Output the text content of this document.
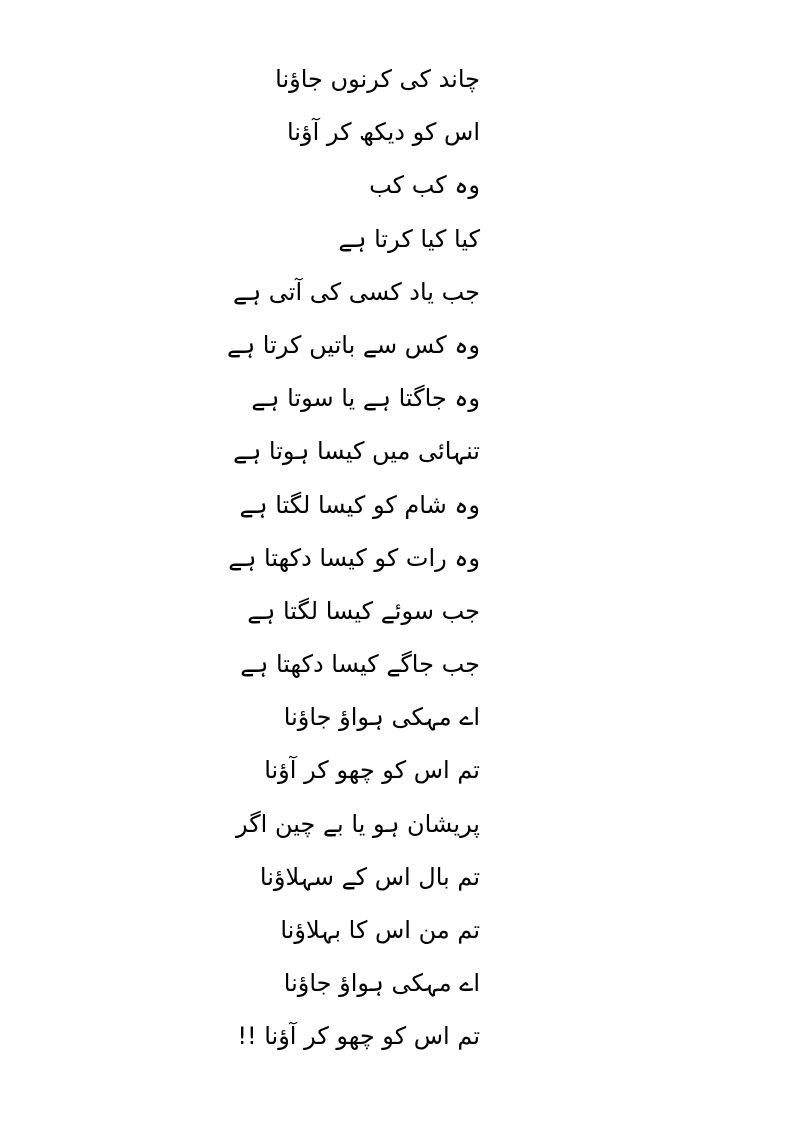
چاند کی کرنوں جاؤنا
اس کو دیکھ کر آؤنا
وہ کب کب
کیا کیا کرتا ہے
جب یاد کسی کی آتی ہے
وہ کس سے باتیں کرتا ہے
وہ جاگتا ہے یا سوتا ہے
تنہائی میں کیسا ہوتا ہے
وہ شام کو کیسا لگتا ہے
وہ رات کو کیسا دکھتا ہے
جب سوئے کیسا لگتا ہے
جب جاگے کیسا دکھتا ہے
اے مہکی ہواؤ جاؤنا
تم اس کو چھو کر آؤنا
پریشان ہو یا بے چین اگر
تم بال اس کے سہلاؤنا
تم من اس کا بہلاؤنا
اے مہکی ہواؤ جاؤنا
تم اس کو چھو کر آؤنا !!
